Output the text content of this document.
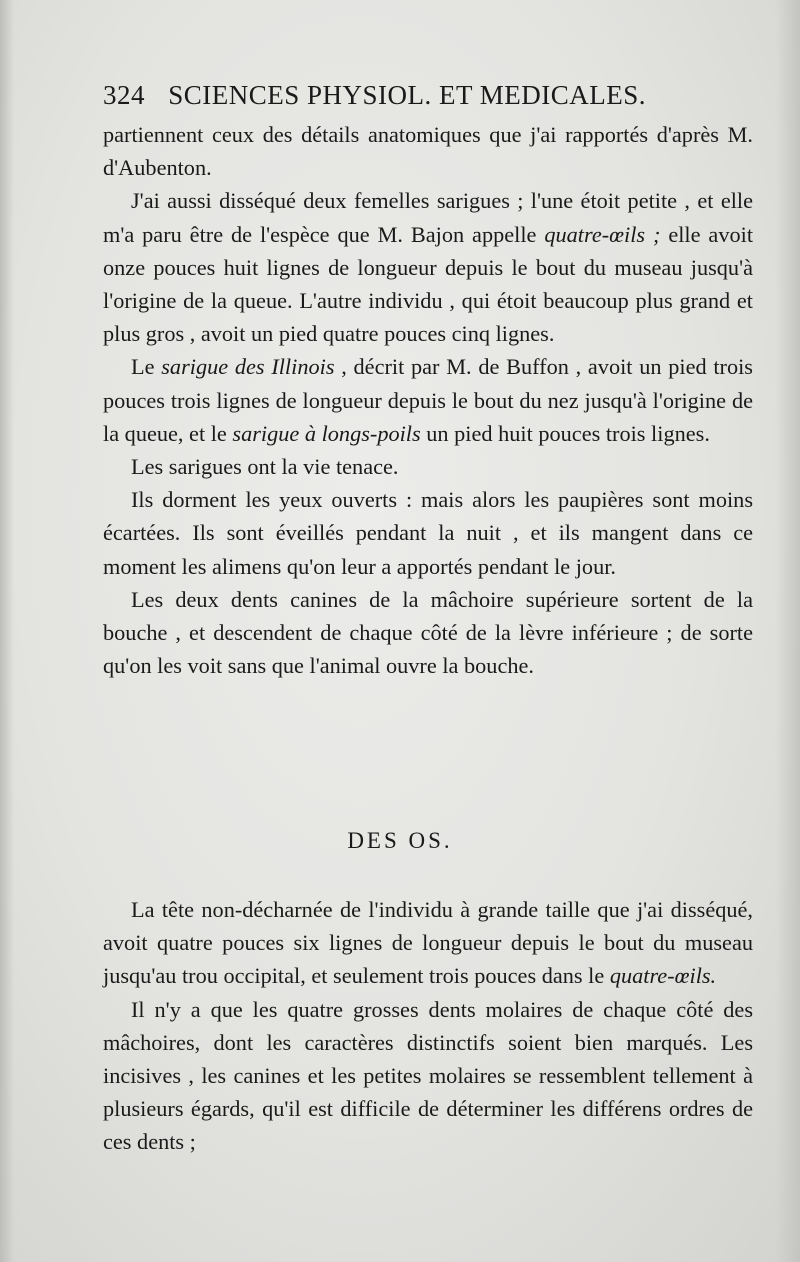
324 SCIENCES PHYSIOL. ET MEDICALES.

partiennent ceux des détails anatomiques que j'ai rapportés d'après M. d'Aubenton.

J'ai aussi disséqué deux femelles sarigues ; l'une étoit petite , et elle m'a paru être de l'espèce que M. Bajon appelle quatre-œils ; elle avoit onze pouces huit lignes de longueur depuis le bout du museau jusqu'à l'origine de la queue. L'autre individu , qui étoit beaucoup plus grand et plus gros , avoit un pied quatre pouces cinq lignes.

Le sarigue des Illinois , décrit par M. de Buffon , avoit un pied trois pouces trois lignes de longueur depuis le bout du nez jusqu'à l'origine de la queue, et le sarigue à longs-poils un pied huit pouces trois lignes.

Les sarigues ont la vie tenace.

Ils dorment les yeux ouverts : mais alors les paupières sont moins écartées. Ils sont éveillés pendant la nuit , et ils mangent dans ce moment les alimens qu'on leur a apportés pendant le jour.

Les deux dents canines de la mâchoire supérieure sortent de la bouche , et descendent de chaque côté de la lèvre inférieure ; de sorte qu'on les voit sans que l'animal ouvre la bouche.

DES OS.

La tête non-décharnée de l'individu à grande taille que j'ai disséqué, avoit quatre pouces six lignes de longueur depuis le bout du museau jusqu'au trou occipital, et seulement trois pouces dans le quatre-œils.

Il n'y a que les quatre grosses dents molaires de chaque côté des mâchoires, dont les caractères distinctifs soient bien marqués. Les incisives , les canines et les petites molaires se ressemblent tellement à plusieurs égards, qu'il est difficile de déterminer les différens ordres de ces dents ;
